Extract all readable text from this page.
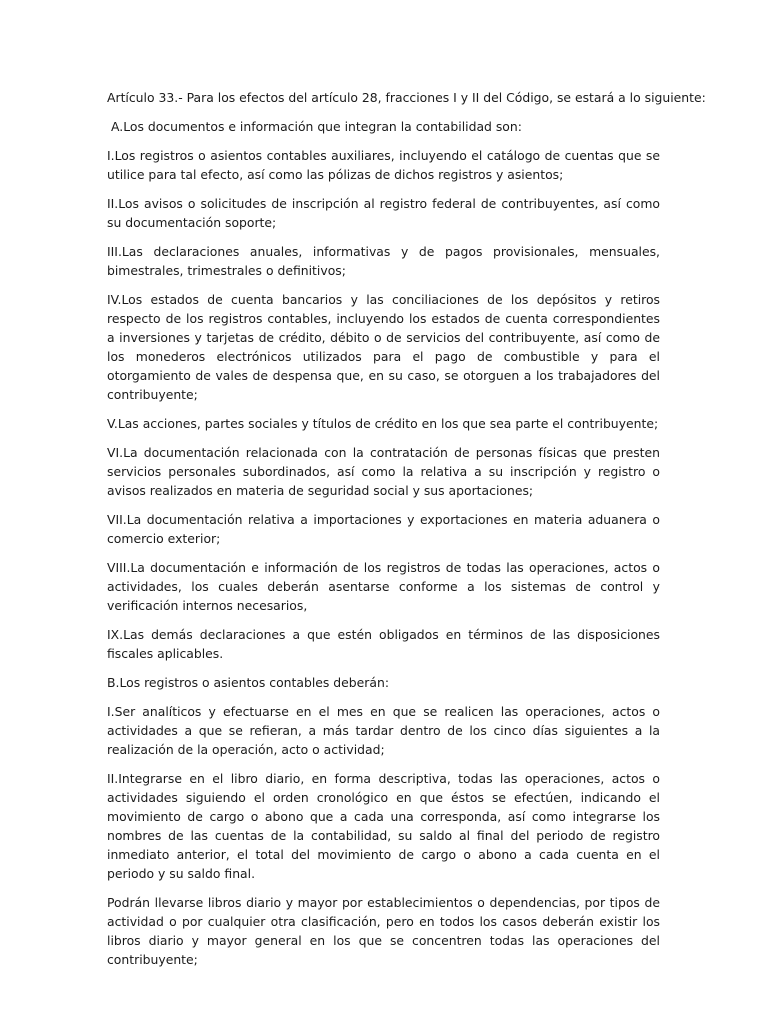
Artículo 33.- Para los efectos del artículo 28, fracciones I y II del Código, se estará a lo siguiente:

A.Los documentos e información que integran la contabilidad son:

I.Los registros o asientos contables auxiliares, incluyendo el catálogo de cuentas que se utilice para tal efecto, así como las pólizas de dichos registros y asientos;

II.Los avisos o solicitudes de inscripción al registro federal de contribuyentes, así como su documentación soporte;

III.Las declaraciones anuales, informativas y de pagos provisionales, mensuales, bimestrales, trimestrales o definitivos;

IV.Los estados de cuenta bancarios y las conciliaciones de los depósitos y retiros respecto de los registros contables, incluyendo los estados de cuenta correspondientes a inversiones y tarjetas de crédito, débito o de servicios del contribuyente, así como de los monederos electrónicos utilizados para el pago de combustible y para el otorgamiento de vales de despensa que, en su caso, se otorguen a los trabajadores del contribuyente;

V.Las acciones, partes sociales y títulos de crédito en los que sea parte el contribuyente;

VI.La documentación relacionada con la contratación de personas físicas que presten servicios personales subordinados, así como la relativa a su inscripción y registro o avisos realizados en materia de seguridad social y sus aportaciones;

VII.La documentación relativa a importaciones y exportaciones en materia aduanera o comercio exterior;

VIII.La documentación e información de los registros de todas las operaciones, actos o actividades, los cuales deberán asentarse conforme a los sistemas de control y verificación internos necesarios,

IX.Las demás declaraciones a que estén obligados en términos de las disposiciones fiscales aplicables.

B.Los registros o asientos contables deberán:

I.Ser analíticos y efectuarse en el mes en que se realicen las operaciones, actos o actividades a que se refieran, a más tardar dentro de los cinco días siguientes a la realización de la operación, acto o actividad;

II.Integrarse en el libro diario, en forma descriptiva, todas las operaciones, actos o actividades siguiendo el orden cronológico en que éstos se efectúen, indicando el movimiento de cargo o abono que a cada una corresponda, así como integrarse los nombres de las cuentas de la contabilidad, su saldo al final del periodo de registro inmediato anterior, el total del movimiento de cargo o abono a cada cuenta en el periodo y su saldo final.

Podrán llevarse libros diario y mayor por establecimientos o dependencias, por tipos de actividad o por cualquier otra clasificación, pero en todos los casos deberán existir los libros diario y mayor general en los que se concentren todas las operaciones del contribuyente;
